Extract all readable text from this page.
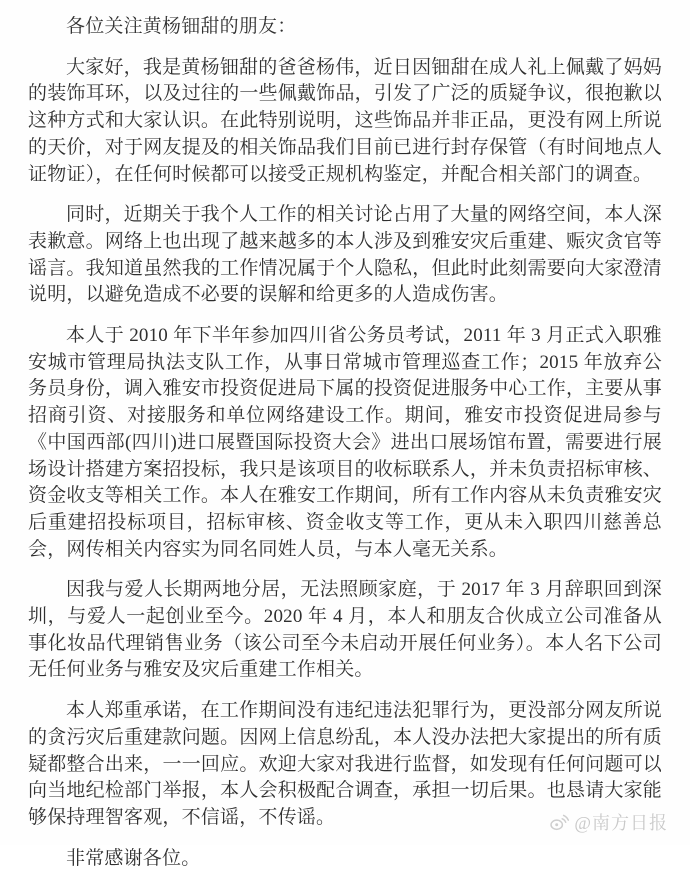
各位关注黄杨钿甜的朋友：

大家好，我是黄杨钿甜的爸爸杨伟，近日因钿甜在成人礼上佩戴了妈妈的装饰耳环，以及过往的一些佩戴饰品，引发了广泛的质疑争议，很抱歉以这种方式和大家认识。在此特别说明，这些饰品并非正品，更没有网上所说的天价，对于网友提及的相关饰品我们目前已进行封存保管（有时间地点人证物证），在任何时候都可以接受正规机构鉴定，并配合相关部门的调查。

同时，近期关于我个人工作的相关讨论占用了大量的网络空间，本人深表歉意。网络上也出现了越来越多的本人涉及到雅安灾后重建、赈灾贪官等谣言。我知道虽然我的工作情况属于个人隐私，但此时此刻需要向大家澄清说明，以避免造成不必要的误解和给更多的人造成伤害。

本人于 2010 年下半年参加四川省公务员考试，2011 年 3 月正式入职雅安城市管理局执法支队工作，从事日常城市管理巡查工作；2015 年放弃公务员身份，调入雅安市投资促进局下属的投资促进服务中心工作，主要从事招商引资、对接服务和单位网络建设工作。期间，雅安市投资促进局参与《中国西部(四川)进口展暨国际投资大会》进出口展场馆布置，需要进行展场设计搭建方案招投标，我只是该项目的收标联系人，并未负责招标审核、资金收支等相关工作。本人在雅安工作期间，所有工作内容从未负责雅安灾后重建招投标项目，招标审核、资金收支等工作，更从未入职四川慈善总会，网传相关内容实为同名同姓人员，与本人毫无关系。

因我与爱人长期两地分居，无法照顾家庭，于 2017 年 3 月辞职回到深圳，与爱人一起创业至今。2020 年 4 月，本人和朋友合伙成立公司准备从事化妆品代理销售业务（该公司至今未启动开展任何业务）。本人名下公司无任何业务与雅安及灾后重建工作相关。

本人郑重承诺，在工作期间没有违纪违法犯罪行为，更没部分网友所说的贪污灾后重建款问题。因网上信息纷乱，本人没办法把大家提出的所有质疑都整合出来，一一回应。欢迎大家对我进行监督，如发现有任何问题可以向当地纪检部门举报，本人会积极配合调查，承担一切后果。也恳请大家能够保持理智客观，不信谣，不传谣。

非常感谢各位。

@南方日报
